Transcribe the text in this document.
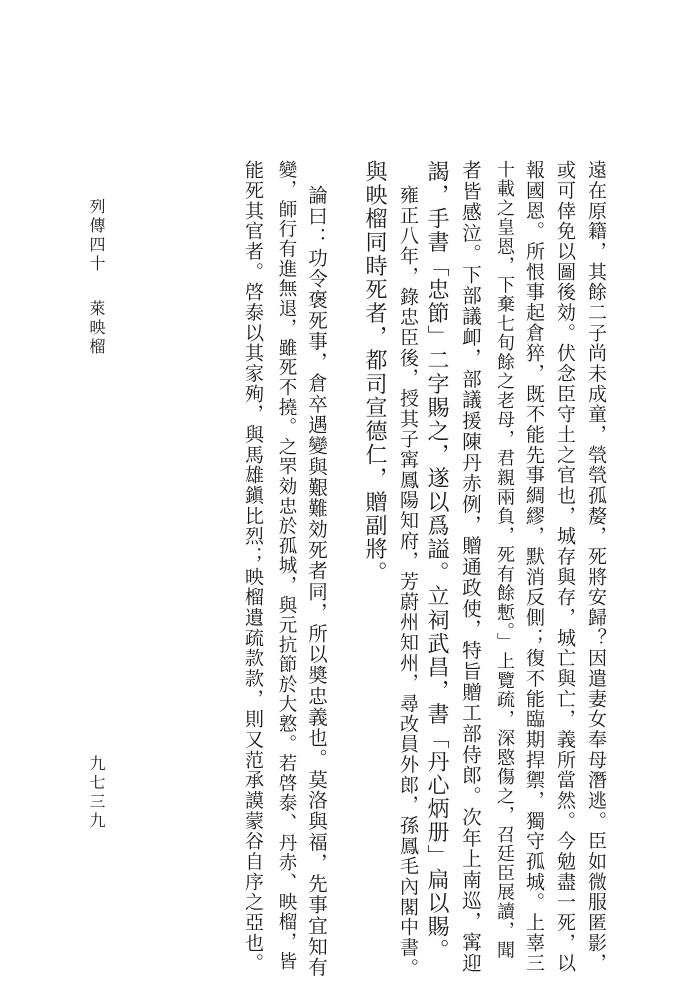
遠在原籍，其餘二子尚未成童，煢煢孤嫠，死將安歸？因遣妻女奉母潛逃。臣如微服匿影，
或可倖免以圖後効。伏念臣守土之官也，城存與存，城亡與亡，義所當然。今勉盡一死，以
報國恩。所恨事起倉猝，既不能先事綢繆，默消反側；復不能臨期捍禦，獨守孤城。上辜三
十載之皇恩，下棄七旬餘之老母，君親兩負，死有餘慙。」上覽疏，深愍傷之，召廷臣展讀，聞
者皆感泣。下部議卹，部議援陳丹赤例，贈通政使，特旨贈工部侍郎。次年上南巡，𡩋迎
謁，手書「忠節」二字賜之，遂以爲謚。立祠武昌，書「丹心炳册」扁以賜。
雍正八年，錄忠臣後，授其子𡩋鳳陽知府，芳蔚州知州，尋改員外郎，孫鳳毛內閣中書。
與映榴同時死者，都司宣德仁，贈副將。
論曰：功令褒死事，倉卒遇變與艱難効死者同，所以奬忠義也。莫洛與福，先事宜知有
變，師行有進無退，雖死不撓。之罘効忠於孤城，與元抗節於大憝。若啓泰、丹赤、映榴，皆
能死其官者。啓泰以其家殉，與馬雄鎭比烈；映榴遺疏款款，則又范承謨蒙谷自序之亞也。
列傳四十
萊映榴
九七三九
